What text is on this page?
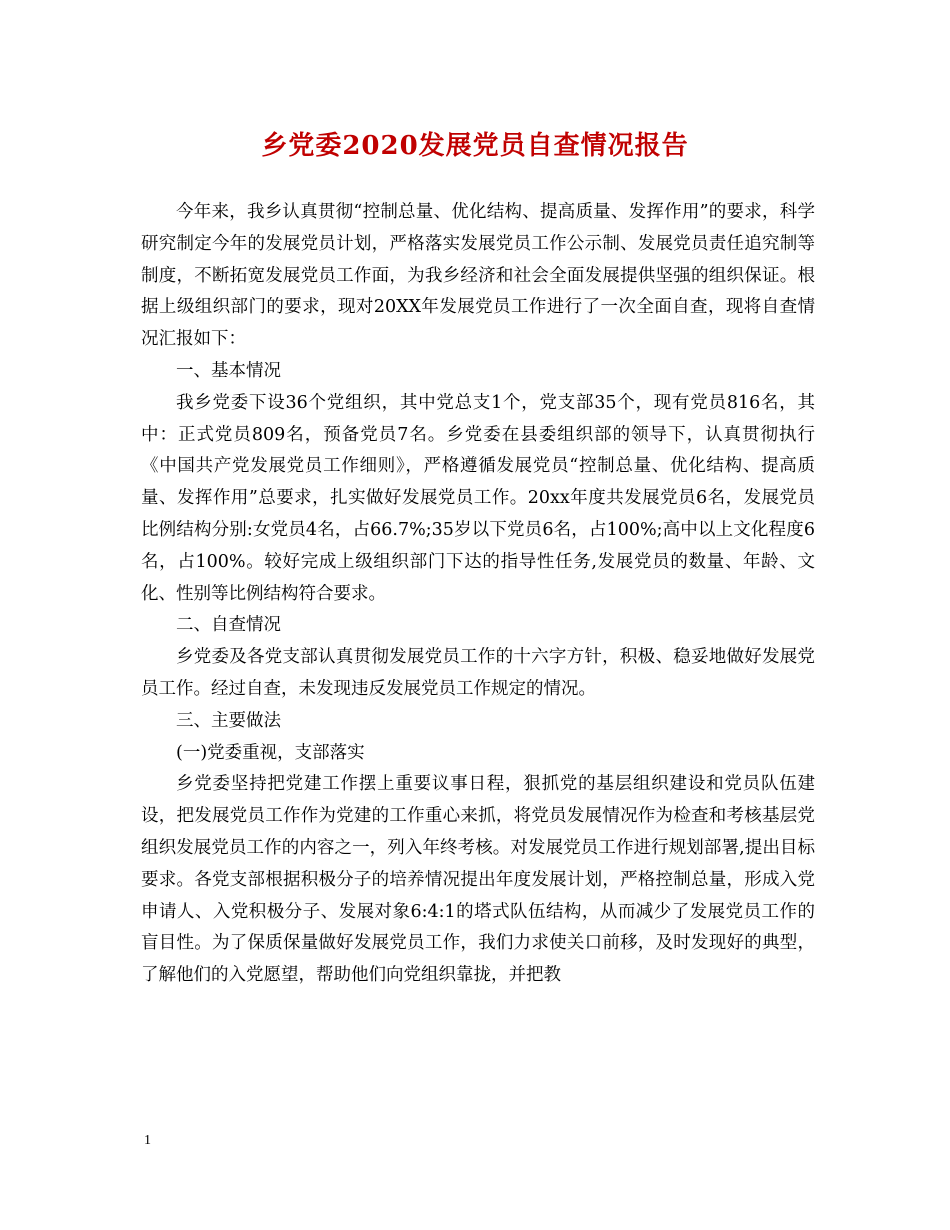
乡党委2020发展党员自查情况报告

今年来，我乡认真贯彻“控制总量、优化结构、提高质量、发挥作用”的要求，科学研究制定今年的发展党员计划，严格落实发展党员工作公示制、发展党员责任追究制等制度，不断拓宽发展党员工作面，为我乡经济和社会全面发展提供坚强的组织保证。根据上级组织部门的要求，现对20XX年发展党员工作进行了一次全面自查，现将自查情况汇报如下：

一、基本情况

我乡党委下设36个党组织，其中党总支1个，党支部35个，现有党员816名，其中：正式党员809名，预备党员7名。乡党委在县委组织部的领导下，认真贯彻执行《中国共产党发展党员工作细则》，严格遵循发展党员“控制总量、优化结构、提高质量、发挥作用”总要求，扎实做好发展党员工作。20xx年度共发展党员6名，发展党员比例结构分别:女党员4名，占66.7%;35岁以下党员6名，占100%;高中以上文化程度6名，占100%。较好完成上级组织部门下达的指导性任务,发展党员的数量、年龄、文化、性别等比例结构符合要求。

二、自查情况

乡党委及各党支部认真贯彻发展党员工作的十六字方针，积极、稳妥地做好发展党员工作。经过自查，未发现违反发展党员工作规定的情况。

三、主要做法

(一)党委重视，支部落实

乡党委坚持把党建工作摆上重要议事日程，狠抓党的基层组织建设和党员队伍建设，把发展党员工作作为党建的工作重心来抓，将党员发展情况作为检查和考核基层党组织发展党员工作的内容之一，列入年终考核。对发展党员工作进行规划部署,提出目标要求。各党支部根据积极分子的培养情况提出年度发展计划，严格控制总量，形成入党申请人、入党积极分子、发展对象6:4:1的塔式队伍结构，从而减少了发展党员工作的盲目性。为了保质保量做好发展党员工作，我们力求使关口前移，及时发现好的典型，了解他们的入党愿望，帮助他们向党组织靠拢，并把教

1
